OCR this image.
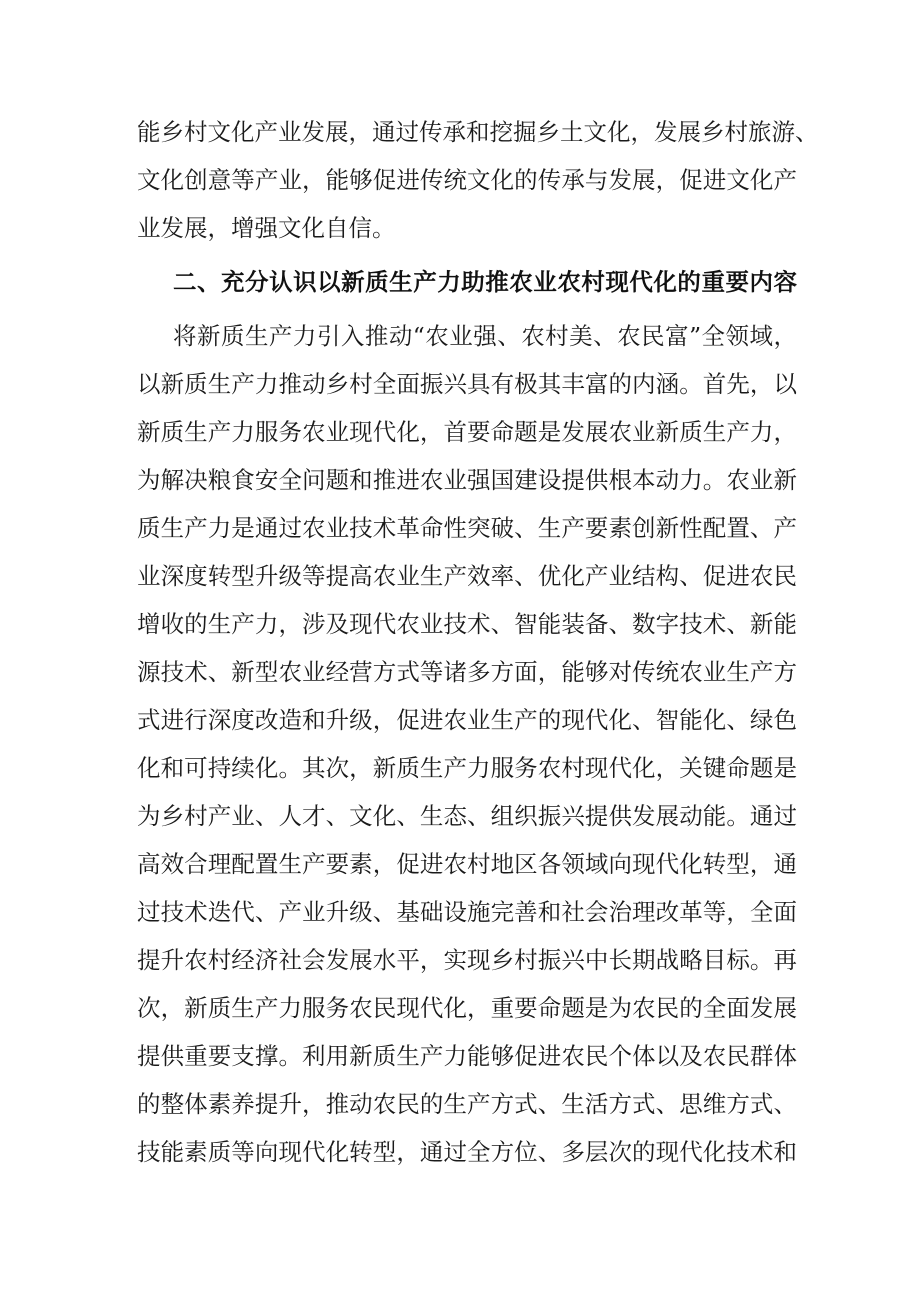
能乡村文化产业发展，通过传承和挖掘乡土文化，发展乡村旅游、
文化创意等产业，能够促进传统文化的传承与发展，促进文化产
业发展，增强文化自信。
二、充分认识以新质生产力助推农业农村现代化的重要内容
将新质生产力引入推动“农业强、农村美、农民富”全领域，
以新质生产力推动乡村全面振兴具有极其丰富的内涵。首先，以
新质生产力服务农业现代化，首要命题是发展农业新质生产力，
为解决粮食安全问题和推进农业强国建设提供根本动力。农业新
质生产力是通过农业技术革命性突破、生产要素创新性配置、产
业深度转型升级等提高农业生产效率、优化产业结构、促进农民
增收的生产力，涉及现代农业技术、智能装备、数字技术、新能
源技术、新型农业经营方式等诸多方面，能够对传统农业生产方
式进行深度改造和升级，促进农业生产的现代化、智能化、绿色
化和可持续化。其次，新质生产力服务农村现代化，关键命题是
为乡村产业、人才、文化、生态、组织振兴提供发展动能。通过
高效合理配置生产要素，促进农村地区各领域向现代化转型，通
过技术迭代、产业升级、基础设施完善和社会治理改革等，全面
提升农村经济社会发展水平，实现乡村振兴中长期战略目标。再
次，新质生产力服务农民现代化，重要命题是为农民的全面发展
提供重要支撑。利用新质生产力能够促进农民个体以及农民群体
的整体素养提升，推动农民的生产方式、生活方式、思维方式、
技能素质等向现代化转型，通过全方位、多层次的现代化技术和
